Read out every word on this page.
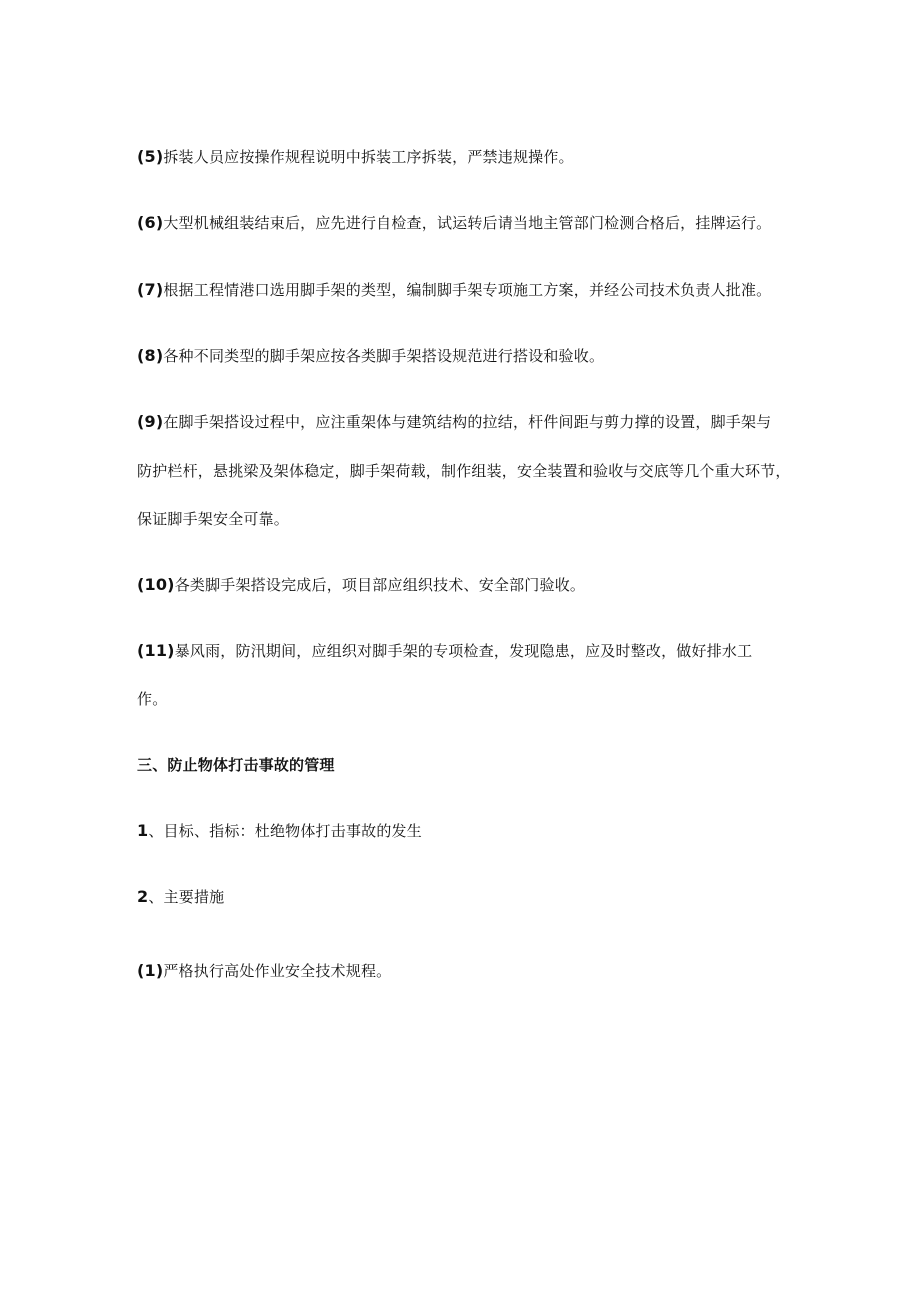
(5)拆装人员应按操作规程说明中拆装工序拆装，严禁违规操作。
(6)大型机械组装结束后，应先进行自检查，试运转后请当地主管部门检测合格后，挂牌运行。
(7)根据工程情港口选用脚手架的类型，编制脚手架专项施工方案，并经公司技术负责人批准。
(8)各种不同类型的脚手架应按各类脚手架搭设规范进行搭设和验收。
(9)在脚手架搭设过程中，应注重架体与建筑结构的拉结，杆件间距与剪力撑的设置，脚手架与
防护栏杆，悬挑梁及架体稳定，脚手架荷载，制作组装，安全装置和验收与交底等几个重大环节，
保证脚手架安全可靠。
(10)各类脚手架搭设完成后，项目部应组织技术、安全部门验收。
(11)暴风雨，防汛期间，应组织对脚手架的专项检查，发现隐患，应及时整改，做好排水工
作。
三、防止物体打击事故的管理
1、目标、指标：杜绝物体打击事故的发生
2、主要措施
(1)严格执行高处作业安全技术规程。
